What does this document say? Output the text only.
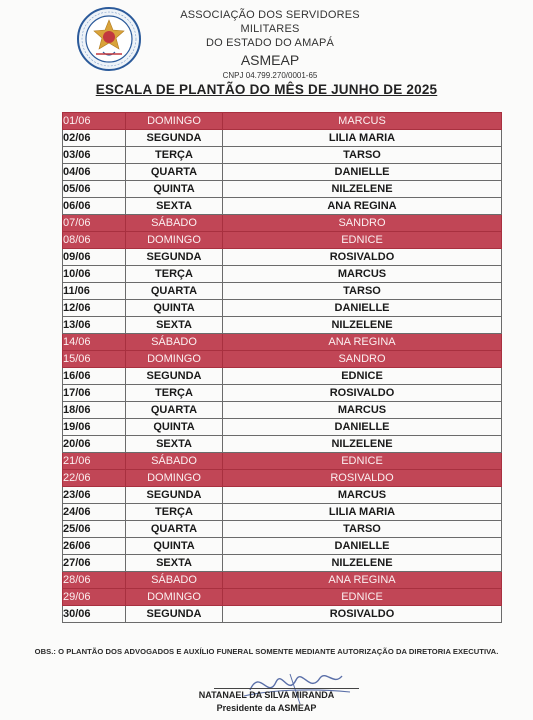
ASSOCIAÇÃO DOS SERVIDORES MILITARES
DO ESTADO DO AMAPÁ
ASMEAP
CNPJ 04.799.270/0001-65
ESCALA DE PLANTÃO DO MÊS DE JUNHO DE 2025
01/06	DOMINGO	MARCUS
02/06	SEGUNDA	LILIA MARIA
03/06	TERÇA	TARSO
04/06	QUARTA	DANIELLE
05/06	QUINTA	NILZELENE
06/06	SEXTA	ANA REGINA
07/06	SÁBADO	SANDRO
08/06	DOMINGO	EDNICE
09/06	SEGUNDA	ROSIVALDO
10/06	TERÇA	MARCUS
11/06	QUARTA	TARSO
12/06	QUINTA	DANIELLE
13/06	SEXTA	NILZELENE
14/06	SÁBADO	ANA REGINA
15/06	DOMINGO	SANDRO
16/06	SEGUNDA	EDNICE
17/06	TERÇA	ROSIVALDO
18/06	QUARTA	MARCUS
19/06	QUINTA	DANIELLE
20/06	SEXTA	NILZELENE
21/06	SÁBADO	EDNICE
22/06	DOMINGO	ROSIVALDO
23/06	SEGUNDA	MARCUS
24/06	TERÇA	LILIA MARIA
25/06	QUARTA	TARSO
26/06	QUINTA	DANIELLE
27/06	SEXTA	NILZELENE
28/06	SÁBADO	ANA REGINA
29/06	DOMINGO	EDNICE
30/06	SEGUNDA	ROSIVALDO
OBS.: O PLANTÃO DOS ADVOGADOS E AUXÍLIO FUNERAL SOMENTE MEDIANTE AUTORIZAÇÃO DA DIRETORIA EXECUTIVA.
NATANAEL DA SILVA MIRANDA
Presidente da ASMEAP
